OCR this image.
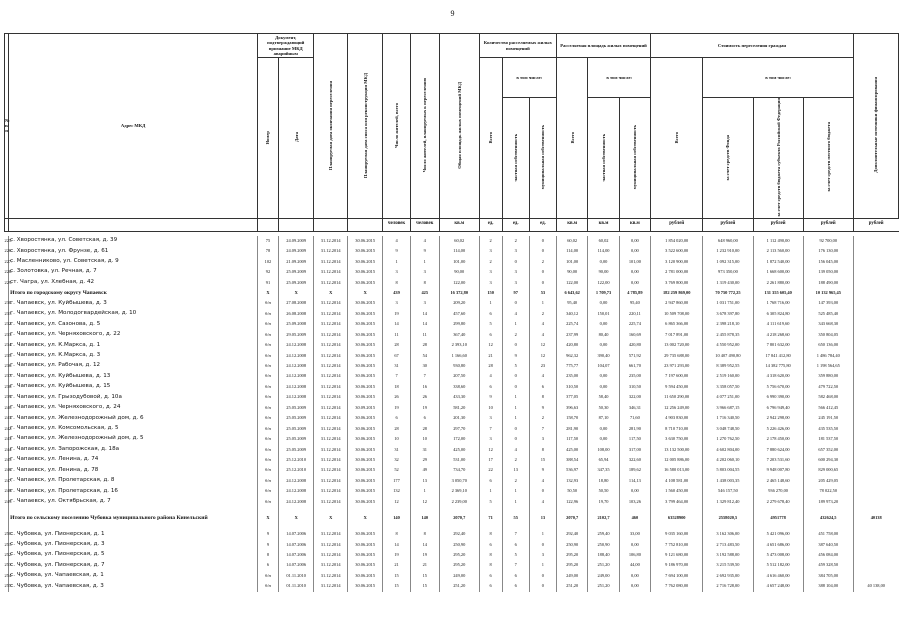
9
№ п/п	Адрес МКД	Документ, подтверждающий признание МКД аварийным		Планируемая дата окончания переселения	Планируемая дата сноса или реконструкции МКД	Число жителей, всего	Число жителей, планируемых к переселению	Общая площадь жилых помещений МКД	Количество расселяемых жилых помещений			Расселяемая площадь жилых помещений			Стоимость переселения граждан				Дополнительные источники финансирования
		Номер	Дата						Всего	в том числе:		Всего	в том числе:		Всего	в том числе:			
										частная собственность	муниципальная собственность		частная собственность	муниципальная собственность		за счет средств Фонда	за счет средств бюджета субъекта Российской Федерации	за счет средств местного бюджета	
						человек	человек	кв.м	ед.	ед.	ед.	кв.м	кв.м	кв.м	рублей	рублей	рублей	рублей	рублей

225.	с. Хворостянка, ул. Советская, д. 39	75	24.09.2009	31.12.2014	30.06.2015	4	4	60,02	2	2	0	60,02	60,02	0,00	1 854 020,00	648 960,00	1 112 490,00	92 700,00	
226.	с. Хворостянка, ул. Фрунзе, д. 61	78	24.09.2009	31.12.2014	30.06.2015	9	9	114,00	3	3	0	114,00	114,00	0,00	3 522 600,00	1 232 910,00	2 113 560,00	176 130,00	
227.	с. Масленниково, ул. Советская, д. 9	102	21.09.2009	31.12.2014	30.06.2015	1	1	101,00	2	0	2	101,00	0,00	101,00	3 120 900,00	1 092 315,00	1 872 540,00	156 045,00	
228.	с. Золотовка, ул. Речная, д. 7	92	25.09.2009	31.12.2014	30.06.2015	3	3	90,00	3	3	0	90,00	90,00	0,00	2 781 000,00	973 350,00	1 668 600,00	139 050,00	
229.	ст. Чагра, ул. Хлебная, д. 42	91	25.09.2009	31.12.2014	30.06.2015	8	8	122,00	3	3	0	122,00	122,00	0,00	3 769 800,00	1 319 430,00	2 261 880,00	188 490,00	
	Итого по городскому округу Чапаевск	X	X	X	X	439	425	16 372,80	150	97	53	6 643,62	1 709,73	4 785,89	182 259 869,00	70 750 772,25	131 355 605,40	10 132 965,45	
230.	г. Чапаевск, ул. Куйбышева, д. 3	б/н	27.08.2008	31.12.2014	30.06.2015	3	3	209,20	1	0	1	95,40	0,00	95,40	2 947 860,00	1 031 751,00	1 768 716,00	147 393,00	
231.	г. Чапаевск, ул. Молодогвардейская, д. 10	б/н	26.08.2008	31.12.2014	30.06.2015	19	14	457,60	6	4	2	340,12	150,01	220,11	10 509 708,00	3 678 397,80	6 305 824,80	525 485,40	
232.	г. Чапаевск, ул. Сазонова, д. 5	б/н	25.09.2008	31.12.2014	30.06.2015	14	14	299,80	5	1	4	225,74	0,00	225,74	6 865 366,00	2 398 218,10	4 111 619,60	343 668,30	
233.	г. Чапаевск, ул. Черняховского, д. 22	б/н	29.05.2009	31.12.2014	30.06.2015	11	11	367,40	6	2	4	237,99	80,40	160,69	7 017 891,00	2 455 878,35	4 218 268,60	350 804,05	
234.	г. Чапаевск, ул. К.Маркса, д. 1	б/н	24.12.2008	31.12.2014	30.06.2015	28	28	2 393,10	12	0	12	420,80	0,00	420,80	13 002 720,00	4 550 952,00	7 801 632,00	650 136,00	
235.	г. Чапаевск, ул. К.Маркса, д. 3	б/н	24.12.2008	31.12.2014	30.06.2015	67	54	1 166,60	21	9	12	962,32	390,40	571,92	29 735 688,00	10 407 490,80	17 841 412,80	1 486 784,40	
236.	г. Чапаевск, ул. Рабочая, д. 12	б/н	24.12.2008	31.12.2014	30.06.2015	31	30	930,80	28	5	23	775,77	104,07	661,70	23 971 293,00	8 389 952,55	14 382 775,80	1 198 564,65	
237.	г. Чапаевск, ул. Куйбышева, д. 13	б/н	24.12.2008	31.12.2014	30.06.2015	7	7	207,50	4	0	4	235,00	0,00	235,00	7 197 600,00	2 519 160,00	4 318 620,00	359 880,00	
238.	г. Чапаевск, ул. Куйбышева, д. 15	б/н	24.12.2008	31.12.2014	30.06.2015	18	16	338,60	6	0	6	310,50	0,00	310,50	9 594 450,00	3 358 057,50	5 756 670,00	479 722,50	
239.	г. Чапаевск, ул. Грызодубовой, д. 10а	б/н	24.12.2008	31.12.2014	30.06.2015	26	26	433,30	9	1	8	377,05	58,40	322,00	11 650 290,00	4 077 251,00	6 990 390,00	582 468,00	
240.	г. Чапаевск, ул. Черняховского, д. 24	б/н	25.05.2009	31.12.2014	30.09.2015	19	19	581,20	10	1	9	396,63	50,30	346,31	12 256 249,00	3 966 687,15	6 796 949,40	566 412,45	
241.	г. Чапаевск, ул. Железнодорожный дом, д. 6	б/н	25.05.2009	31.12.2014	30.06.2015	6	6	201,30	3	1	2	158,70	87,10	71,60	4 903 830,00	1 716 340,50	2 942 298,00	245 191,50	
242.	г. Чапаевск, ул. Комсомольская, д. 5	б/н	25.05.2009	31.12.2014	30.06.2015	28	28	297,70	7	0	7	281,90	0,00	281,90	8 710 710,00	3 048 748,50	5 226 426,00	435 535,50	
243.	г. Чапаевск, ул. Железнодорожный дом, д. 5	б/н	25.05.2009	31.12.2014	30.06.2015	10	10	172,00	3	0	3	117,50	0,00	117,50	3 630 750,00	1 270 762,50	2 178 450,00	181 537,50	
244.	г. Чапаевск, ул. Запорожская, д. 18а	б/н	25.05.2009	31.12.2014	30.06.2015	31	31	425,00	12	4	8	425,00	108,00	317,00	13 132 500,00	4 602 804,00	7 880 624,00	657 352,00	
245.	г. Чапаевск, ул. Ленина, д. 74	б/н	25.12.2010	31.12.2014	30.06.2015	32	29	531,00	17	2	15	388,54	65,94	322,60	12 005 886,00	4 202 060,10	7 203 531,60	600 294,30	
246.	г. Чапаевск, ул. Ленина, д. 78	б/н	25.12.2010	31.12.2014	30.06.2015	52	49	734,70	22	13	9	536,97	347,35	189,62	16 580 013,00	5 803 004,55	9 948 007,80	829 000,65	
247.	г. Чапаевск, ул. Пролетарская, д. 8	б/н	24.12.2008	31.12.2014	30.06.2015	177	13	3 050,70	6	2	4	132,93	18,80	114,13	4 108 581,00	1 438 003,35	2 465 148,60	205 429,05	
248.	г. Чапаевск, ул. Пролетарская, д. 16	б/н	24.12.2008	31.12.2014	30.06.2015	132	1	2 369,10	1	1	0	50,50	50,50	0,00	1 560 450,00	546 157,50	936 270,00	78 022,50	
249.	г. Чапаевск, ул. Октябрьская, д. 7	б/н	24.12.2008	31.12.2014	30.06.2015	12	12	2 239,00	5	1	4	122,96	19,70	103,26	3 799 464,00	1 329 812,40	2 279 678,40	189 973,20	
	Итого по сельскому поселению Чубовка муниципального района Кинельский	X	X	X	X	140	140	2070,7	71	55	13	2070,7	2102,7	460	63528900	2558020,5	4951778	432624,5	40138
250.	с. Чубовка, ул. Пионерская, д. 1	9	14.07.2006	31.12.2014	30.06.2015	8	8	292,40	8	7	1	292,40	259,40	33,00	9 035 160,00	3 162 306,00	5 421 096,00	451 758,00	
251.	с. Чубовка, ул. Пионерская, д. 3	9	14.07.2006	31.12.2014	30.06.2015	14	14	250,90	6	6	0	250,90	250,90	0,00	7 752 810,00	2 713 483,50	4 651 686,00	387 640,50	
252.	с. Чубовка, ул. Пионерская, д. 5	8	14.07.2006	31.12.2014	30.06.2015	19	19	295,20	8	5	3	295,20	188,40	106,80	9 121 680,00	3 192 588,00	5 473 008,00	456 084,00	
253.	с. Чубовка, ул. Пионерская, д. 7	6	14.07.2006	31.12.2014	30.06.2015	21	21	295,20	8	7	1	295,20	251,20	44,00	9 186 970,00	3 215 539,50	5 512 182,00	459 328,50	
254.	с. Чубовка, ул. Чапаевская, д. 1	б/н	01.11.2010	31.12.2014	30.06.2015	15	15	249,00	6	6	0	249,00	249,00	0,00	7 694 100,00	2 692 935,00	4 616 460,00	384 705,00	
255.	с. Чубовка, ул. Чапаевская, д. 3	б/н	01.11.2010	31.12.2014	30.06.2015	15	15	251,20	6	6	0	251,20	251,20	0,00	7 762 080,00	2 716 728,00	4 657 248,00	388 104,00	40 138,00
